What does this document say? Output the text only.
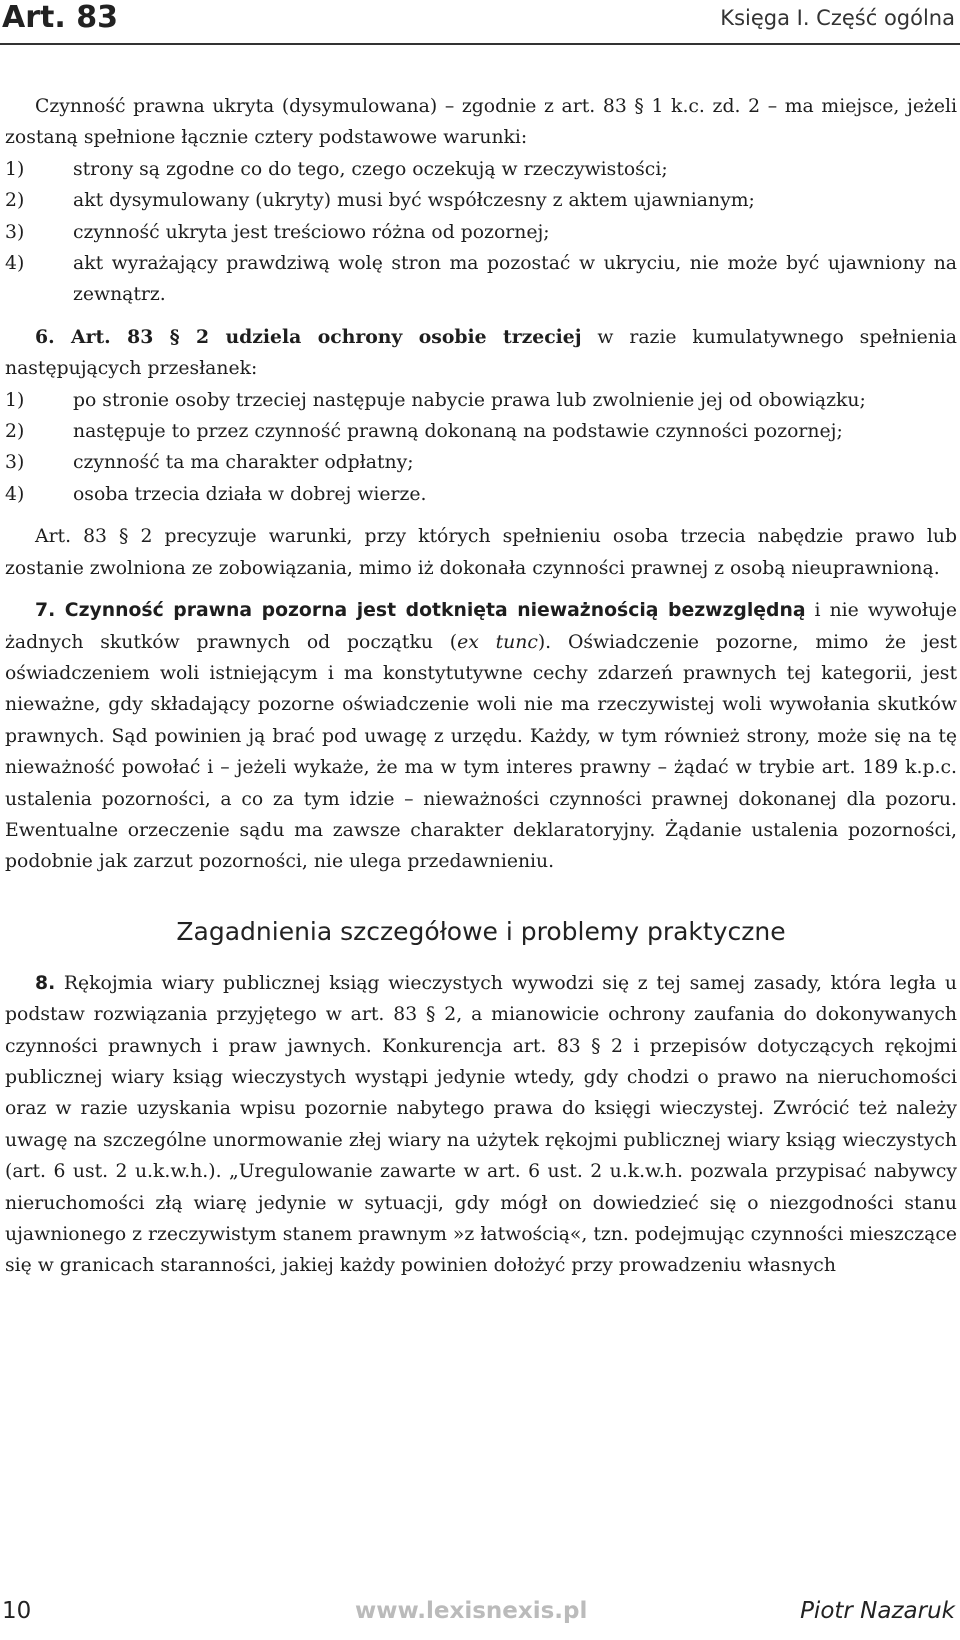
Art. 83	Księga I. Część ogólna

Czynność prawna ukryta (dysymulowana) – zgodnie z art. 83 § 1 k.c. zd. 2 – ma miejsce, jeżeli zostaną spełnione łącznie cztery podstawowe warunki:

1)	strony są zgodne co do tego, czego oczekują w rzeczywistości;
2)	akt dysymulowany (ukryty) musi być współczesny z aktem ujawnianym;
3)	czynność ukryta jest treściowo różna od pozornej;
4)	akt wyrażający prawdziwą wolę stron ma pozostać w ukryciu, nie może być ujawniony na zewnątrz.

6. Art. 83 § 2 udziela ochrony osobie trzeciej w razie kumulatywnego spełnienia następujących przesłanek:

1)	po stronie osoby trzeciej następuje nabycie prawa lub zwolnienie jej od obowiązku;
2)	następuje to przez czynność prawną dokonaną na podstawie czynności pozornej;
3)	czynność ta ma charakter odpłatny;
4)	osoba trzecia działa w dobrej wierze.

Art. 83 § 2 precyzuje warunki, przy których spełnieniu osoba trzecia nabędzie prawo lub zostanie zwolniona ze zobowiązania, mimo iż dokonała czynności prawnej z osobą nieuprawnioną.

7. Czynność prawna pozorna jest dotknięta nieważnością bezwzględną i nie wywołuje żadnych skutków prawnych od początku (ex tunc). Oświadczenie pozorne, mimo że jest oświadczeniem woli istniejącym i ma konstytutywne cechy zdarzeń prawnych tej kategorii, jest nieważne, gdy składający pozorne oświadczenie woli nie ma rzeczywistej woli wywołania skutków prawnych. Sąd powinien ją brać pod uwagę z urzędu. Każdy, w tym również strony, może się na tę nieważność powołać i – jeżeli wykaże, że ma w tym interes prawny – żądać w trybie art. 189 k.p.c. ustalenia pozorności, a co za tym idzie – nieważności czynności prawnej dokonanej dla pozoru. Ewentualne orzeczenie sądu ma zawsze charakter deklaratoryjny. Żądanie ustalenia pozorności, podobnie jak zarzut pozorności, nie ulega przedawnieniu.

Zagadnienia szczegółowe i problemy praktyczne

8. Rękojmia wiary publicznej ksiąg wieczystych wywodzi się z tej samej zasady, która legła u podstaw rozwiązania przyjętego w art. 83 § 2, a mianowicie ochrony zaufania do dokonywanych czynności prawnych i praw jawnych. Konkurencja art. 83 § 2 i przepisów dotyczących rękojmi publicznej wiary ksiąg wieczystych wystąpi jedynie wtedy, gdy chodzi o prawo na nieruchomości oraz w razie uzyskania wpisu pozornie nabytego prawa do księgi wieczystej. Zwrócić też należy uwagę na szczególne unormowanie złej wiary na użytek rękojmi publicznej wiary ksiąg wieczystych (art. 6 ust. 2 u.k.w.h.). „Uregulowanie zawarte w art. 6 ust. 2 u.k.w.h. pozwala przypisać nabywcy nieruchomości złą wiarę jedynie w sytuacji, gdy mógł on dowiedzieć się o niezgodności stanu ujawnionego z rzeczywistym stanem prawnym »z łatwością«, tzn. podejmując czynności mieszczące się w granicach staranności, jakiej każdy powinien dołożyć przy prowadzeniu własnych

10	www.lexisnexis.pl	Piotr Nazaruk
